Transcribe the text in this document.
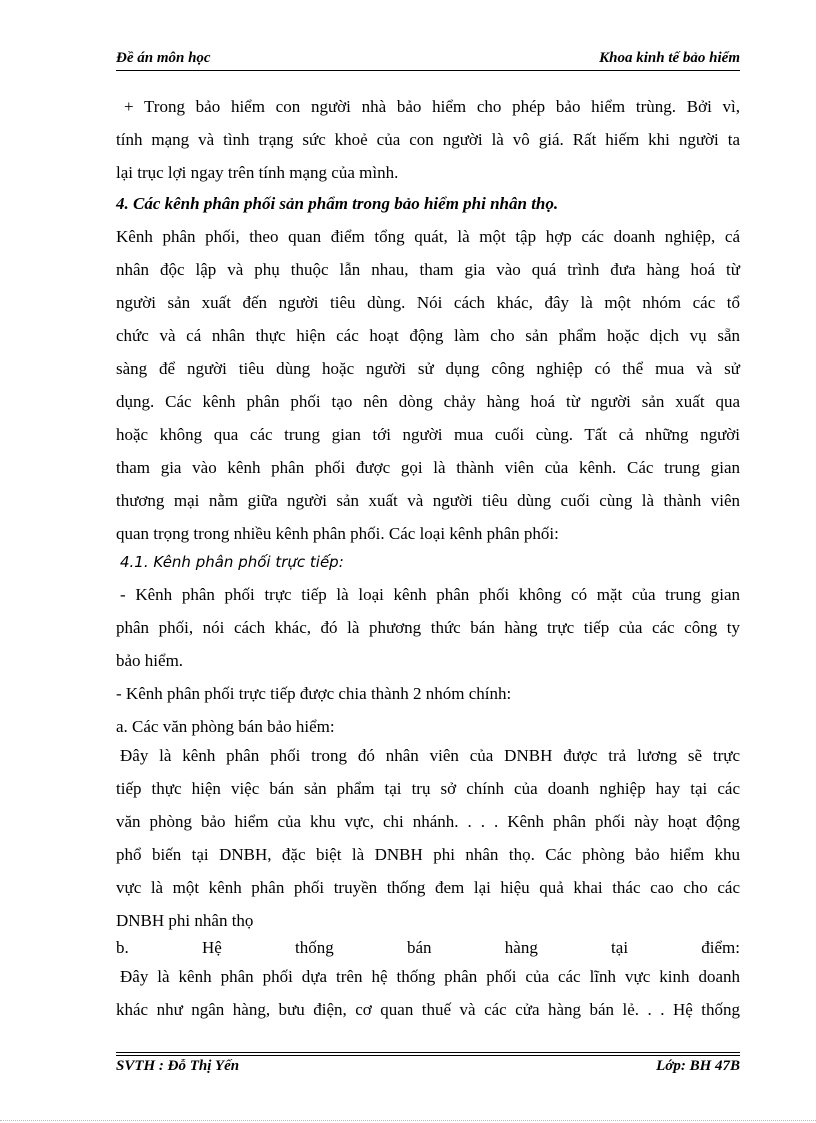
Đề án môn học	Khoa kinh tế bảo hiểm
+ Trong bảo hiểm con người nhà bảo hiểm cho phép bảo hiểm trùng. Bởi vì,
tính mạng và tình trạng sức khoẻ của con người là vô giá. Rất hiếm khi người ta
lại trục lợi ngay trên tính mạng của mình.
4. Các kênh phân phối sản phẩm trong bảo hiểm phi nhân thọ.
Kênh phân phối, theo quan điểm tổng quát, là một tập hợp các doanh nghiệp, cá
nhân độc lập và phụ thuộc lẫn nhau, tham gia vào quá trình đưa hàng hoá từ
người sản xuất đến người tiêu dùng. Nói cách khác, đây là một nhóm các tổ
chức và cá nhân thực hiện các hoạt động làm cho sản phẩm hoặc dịch vụ sẵn
sàng để người tiêu dùng hoặc người sử dụng công nghiệp có thể mua và sử
dụng. Các kênh phân phối tạo nên dòng chảy hàng hoá từ người sản xuất qua
hoặc không qua các trung gian tới người mua cuối cùng. Tất cả những người
tham gia vào kênh phân phối được gọi là thành viên của kênh. Các trung gian
thương mại nằm giữa người sản xuất và người tiêu dùng cuối cùng là thành viên
quan trọng trong nhiều kênh phân phối. Các loại kênh phân phối:
4.1. Kênh phân phối trực tiếp:
- Kênh phân phối trực tiếp là loại kênh phân phối không có mặt của trung gian
phân phối, nói cách khác, đó là phương thức bán hàng trực tiếp của các công ty
bảo hiểm.
- Kênh phân phối trực tiếp được chia thành 2 nhóm chính:
a. Các văn phòng bán bảo hiểm:
Đây là kênh phân phối trong đó nhân viên của DNBH được trả lương sẽ trực
tiếp thực hiện việc bán sản phẩm tại trụ sở chính của doanh nghiệp hay tại các
văn phòng bảo hiểm của khu vực, chi nhánh. . . . Kênh phân phối này hoạt động
phổ biến tại DNBH, đặc biệt là DNBH phi nhân thọ. Các phòng bảo hiểm khu
vực là một kênh phân phối truyền thống đem lại hiệu quả khai thác cao cho các
DNBH phi nhân thọ
b. Hệ thống bán hàng tại điểm:
Đây là kênh phân phối dựa trên hệ thống phân phối của các lĩnh vực kinh doanh
khác như ngân hàng, bưu điện, cơ quan thuế và các cửa hàng bán lẻ. . . Hệ thống
SVTH : Đỗ Thị Yến	Lớp: BH 47B
